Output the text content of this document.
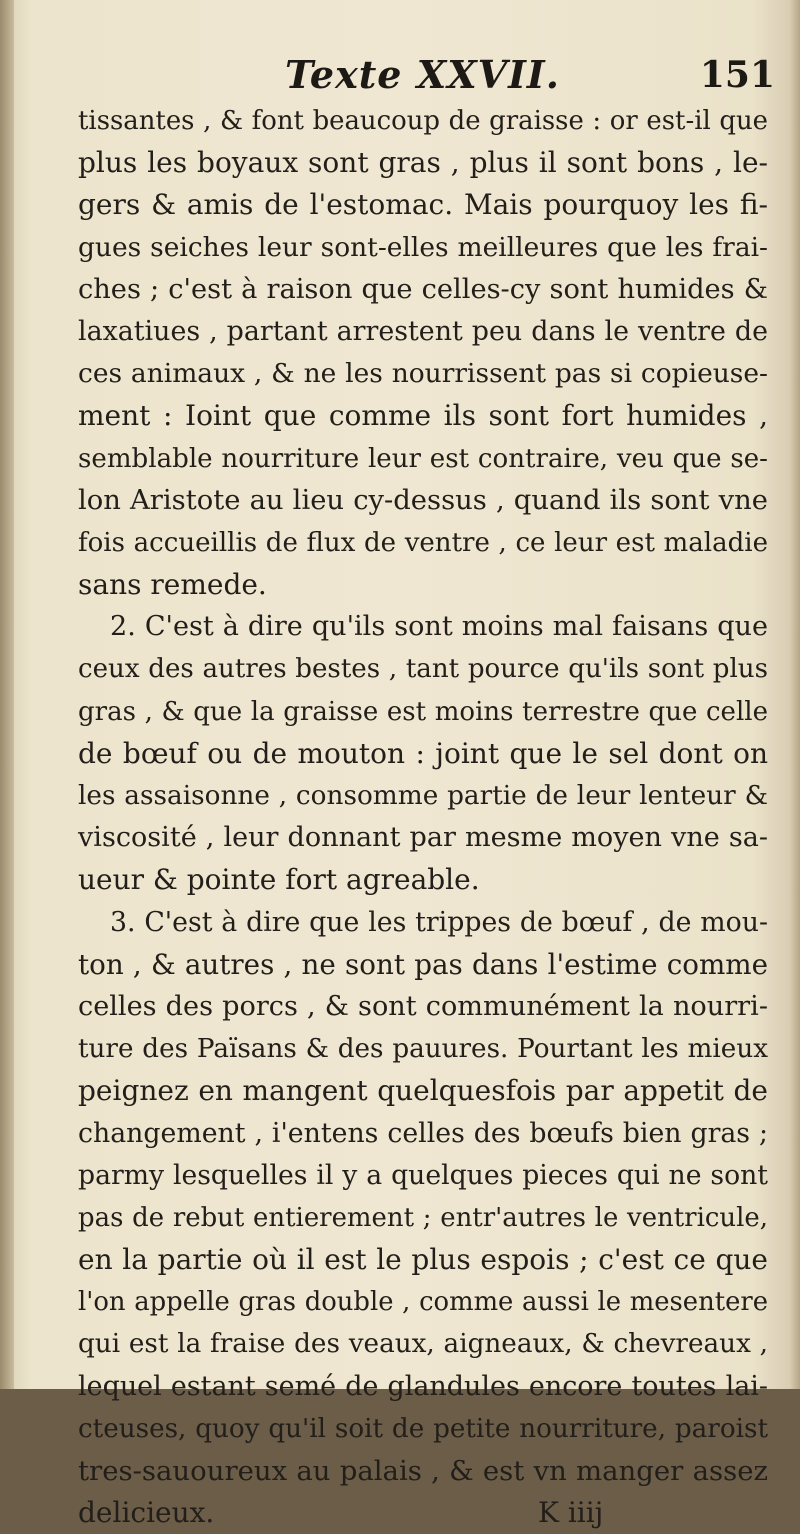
Texte XXVII.	151
tissantes , & font beaucoup de graisse : or est-il que
plus les boyaux sont gras , plus il sont bons , le-
gers & amis de l'estomac. Mais pourquoy les fi-
gues seiches leur sont-elles meilleures que les frai-
ches ; c'est à raison que celles-cy sont humides &
laxatiues , partant arrestent peu dans le ventre de
ces animaux , & ne les nourrissent pas si copieuse-
ment : Ioint que comme ils sont fort humides ,
semblable nourriture leur est contraire, veu que se-
lon Aristote au lieu cy-dessus , quand ils sont vne
fois accueillis de flux de ventre , ce leur est maladie
sans remede.
2. C'est à dire qu'ils sont moins mal faisans que
ceux des autres bestes , tant pource qu'ils sont plus
gras , & que la graisse est moins terrestre que celle
de bœuf ou de mouton : joint que le sel dont on
les assaisonne , consomme partie de leur lenteur &
viscosité , leur donnant par mesme moyen vne sa-
ueur & pointe fort agreable.
3. C'est à dire que les trippes de bœuf , de mou-
ton , & autres , ne sont pas dans l'estime comme
celles des porcs , & sont communément la nourri-
ture des Païsans & des pauures. Pourtant les mieux
peignez en mangent quelquesfois par appetit de
changement , i'entens celles des bœufs bien gras ;
parmy lesquelles il y a quelques pieces qui ne sont
pas de rebut entierement ; entr'autres le ventricule,
en la partie où il est le plus espois ; c'est ce que
l'on appelle gras double , comme aussi le mesentere
qui est la fraise des veaux, aigneaux, & chevreaux ,
lequel estant semé de glandules encore toutes lai-
cteuses, quoy qu'il soit de petite nourriture, paroist
tres-sauoureux au palais , & est vn manger assez
delicieux.	K iiij
